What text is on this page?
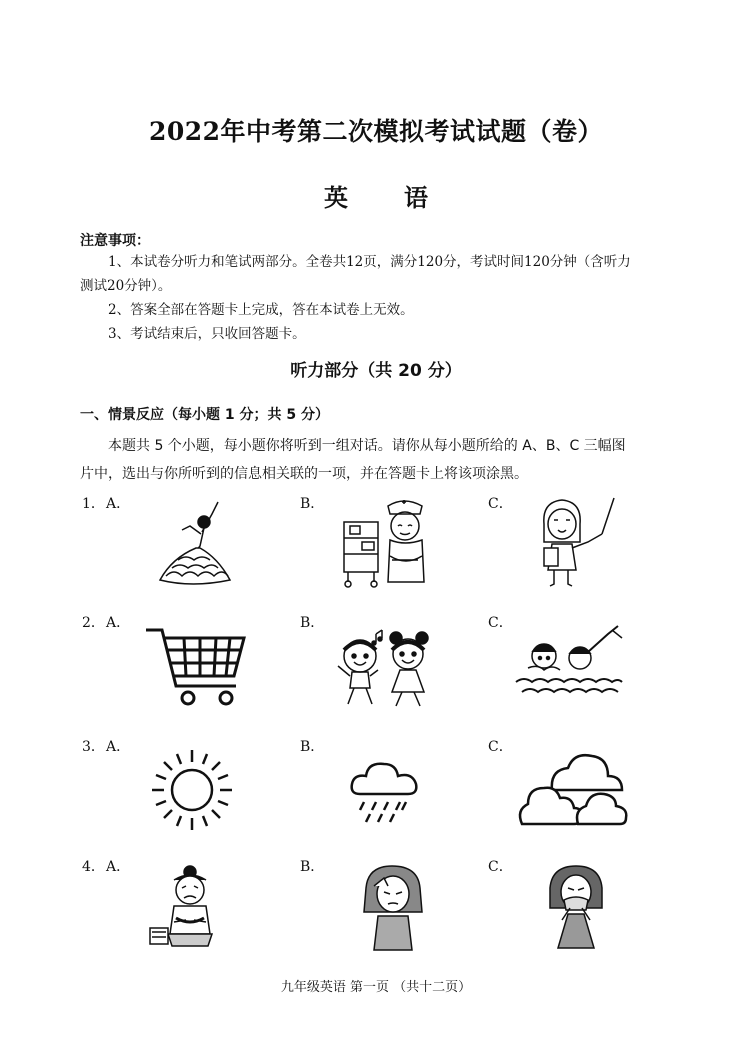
2022年中考第二次模拟考试试题（卷）
英 语
注意事项：
1、本试卷分听力和笔试两部分。全卷共12页，满分120分，考试时间120分钟（含听力
测试20分钟）。
2、答案全部在答题卡上完成，答在本试卷上无效。
3、考试结束后，只收回答题卡。
听力部分（共 20 分）
一、情景反应（每小题 1 分；共 5 分）
本题共 5 个小题，每小题你将听到一组对话。请你从每小题所给的 A、B、C 三幅图
片中，选出与你所听到的信息相关联的一项，并在答题卡上将该项涂黑。
1． A．	B．	C．
2． A．	B．	C．
3． A．	B．	C．
4． A．	B．	C．
九年级英语 第一页 （共十二页）
